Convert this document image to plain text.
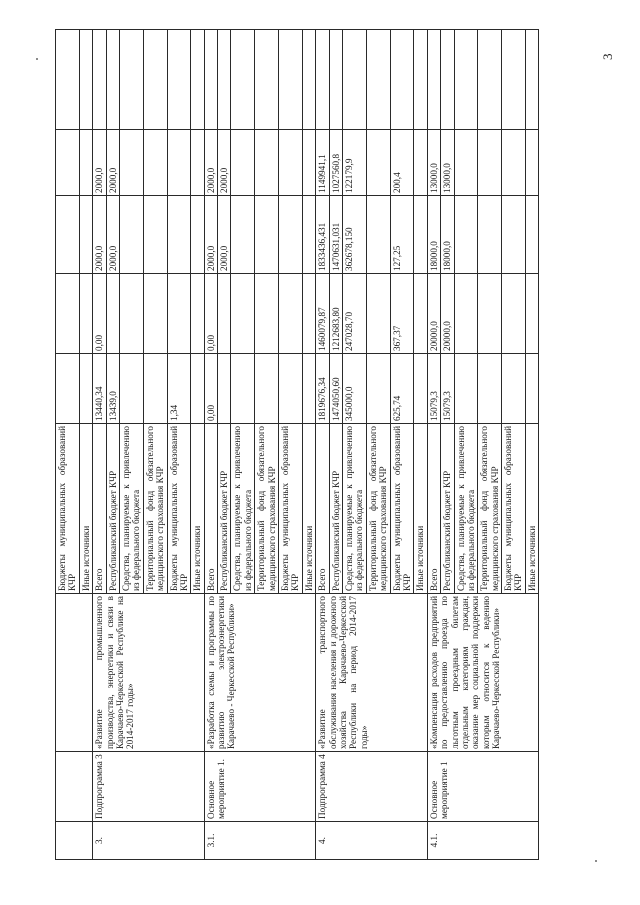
3
			Бюджеты муниципальных образований КЧР					
			Иные источники					
3.	Подпрограмма 3	«Развитие промышленного производства, энергетики и связи в Карачаево-Черкесской Республике на 2014-2017 годы»	Всего	13440,34	0,00	2000,0	2000,0	
			Республиканский бюджет КЧР	13439,0		2000,0	2000,0	
			Средства, планируемые к привлечению из федерального бюджета					
			Территориальный фонд обязательного медицинского страхования КЧР					
			Бюджеты муниципальных образований КЧР	1,34				
			Иные источники					
3.1.	Основное мероприятие 1.	«Разработка схемы и программы по развитию электроэнергетики Карачаево - Черкесской Республики»	Всего	0,00	0,00	2000,0	2000,0	
			Республиканский бюджет КЧР			2000,0	2000,0	
			Средства, планируемые к привлечению из федерального бюджета					
			Территориальный фонд обязательного медицинского страхования КЧР					
			Бюджеты муниципальных образований КЧР					
			Иные источники					
4.	Подпрограмма 4	«Развитие транспортного обслуживания населения и дорожного хозяйства Карачаево-Черкесской Республики на период 2014-2017 годы»	Всего	1819676,34	1460079,87	1833436,431	1149941,1	
			Республиканский бюджет КЧР	1474050,60	1212683,80	1470631,031	1027560,8	
			Средства, планируемые к привлечению из федерального бюджета	345000,0	247028,70	362678,150	122179,9	
			Территориальный фонд обязательного медицинского страхования КЧР					
			Бюджеты муниципальных образований КЧР	625,74	367,37	127,25	200,4	
			Иные источники					
4.1.	Основное мероприятие 1	«Компенсация расходов предприятий по предоставлению проезда по льготным проездным билетам отдельным категориям граждан, оказание мер социальной поддержки которым относится к ведению Карачаево-Черкесской Республики»	Всего	15079,3	20000,0	18000,0	13000,0	
			Республиканский бюджет КЧР	15079,3	20000,0	18000,0	13000,0	
			Средства, планируемые к привлечению из федерального бюджета					
			Территориальный фонд обязательного медицинского страхования КЧР					
			Бюджеты муниципальных образований КЧР					
			Иные источники					
